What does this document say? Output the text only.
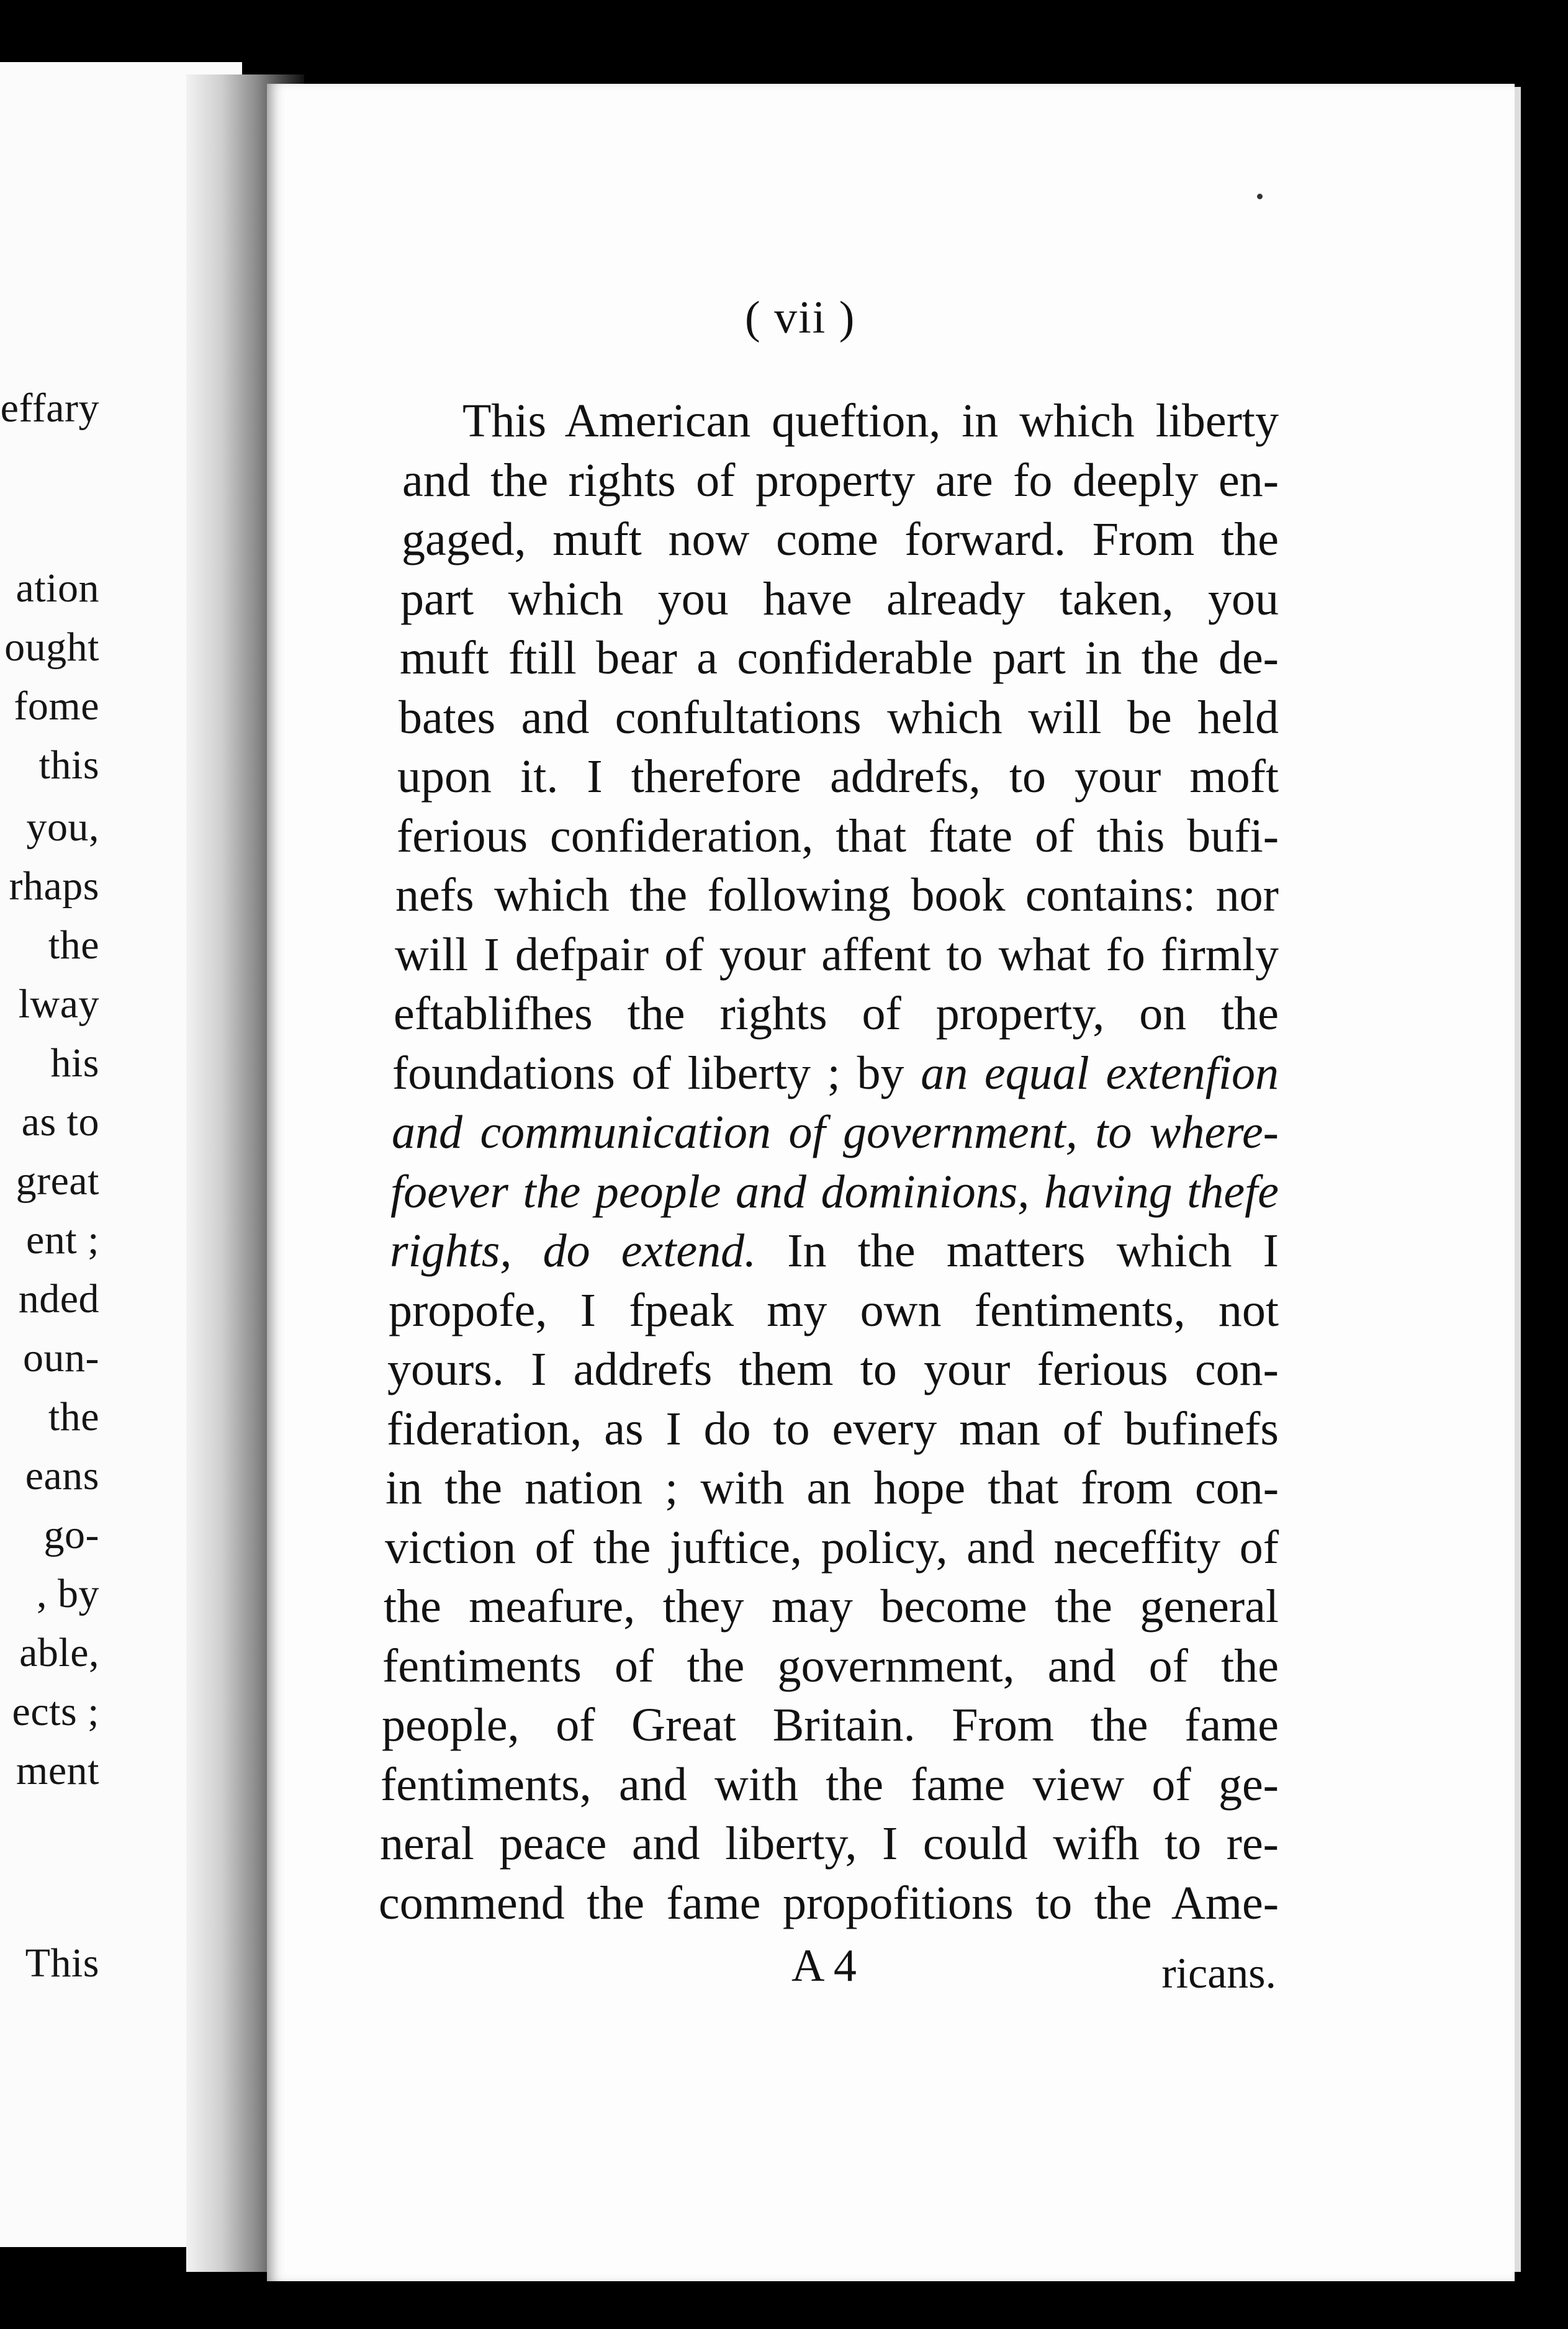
effary
ation
ought
fome
this
you,
rhaps
the
lway
his
as to
great
ent ;
nded
oun-
the
eans
go-
, by
able,
ects ;
ment
This
( vii )
This American queftion, in which liberty
and the rights of property are fo deeply en-
gaged, muft now come forward. From the
part which you have already taken, you
muft ftill bear a confiderable part in the de-
bates and confultations which will be held
upon it. I therefore addrefs, to your moft
ferious confideration, that ftate of this bufi-
nefs which the following book contains: nor
will I defpair of your affent to what fo firmly
eftablifhes the rights of property, on the
foundations of liberty ; by an equal extenfion
and communication of government, to where-
foever the people and dominions, having thefe
rights, do extend. In the matters which I
propofe, I fpeak my own fentiments, not
yours. I addrefs them to your ferious con-
fideration, as I do to every man of bufinefs
in the nation ; with an hope that from con-
viction of the juftice, policy, and neceffity of
the meafure, they may become the general
fentiments of the government, and of the
people, of Great Britain. From the fame
fentiments, and with the fame view of ge-
neral peace and liberty, I could wifh to re-
commend the fame propofitions to the Ame-
A 4	ricans.
